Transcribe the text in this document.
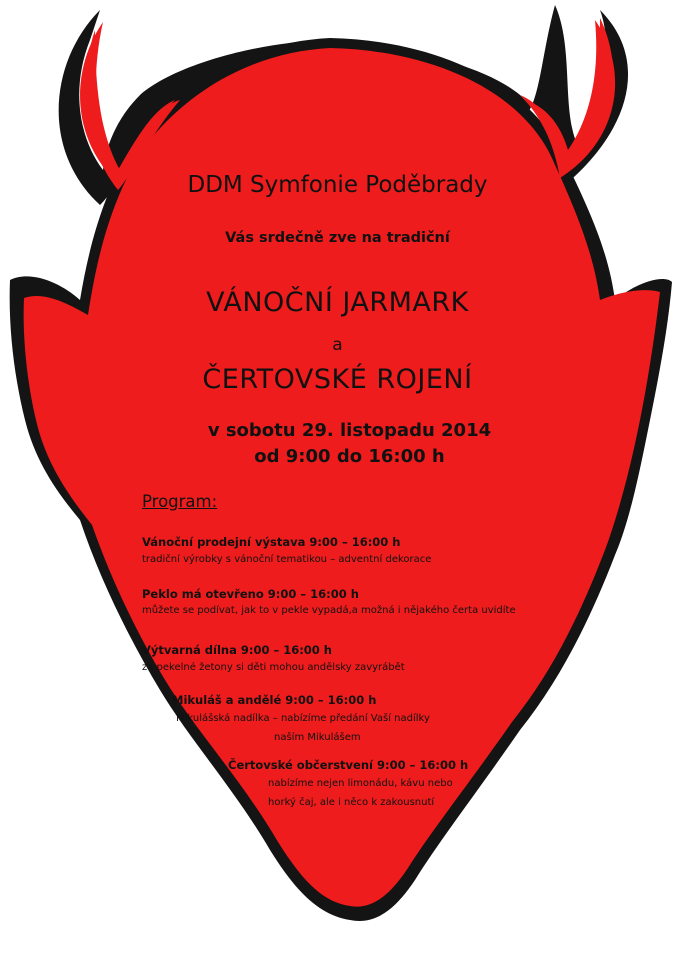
DDM Symfonie Poděbrady
Vás srdečně zve na tradiční
VÁNOČNÍ JARMARK
a
ČERTOVSKÉ ROJENÍ
v sobotu 29. listopadu 2014
od 9:00 do 16:00 h
Program:
Vánoční prodejní výstava 9:00 – 16:00 h
tradiční výrobky s vánoční tematikou – adventní dekorace
Peklo má otevřeno 9:00 – 16:00 h
můžete se podívat, jak to v pekle vypadá,a možná i nějakého čerta uvidíte
Výtvarná dílna 9:00 – 16:00 h
za pekelné žetony si děti mohou andělsky zavyrábět
Mikuláš a andělé 9:00 – 16:00 h
Mikulášská nadílka – nabízíme předání Vaší nadílky
naším Mikulášem
Čertovské občerstvení 9:00 – 16:00 h
nabízíme nejen limonádu, kávu nebo
horký čaj, ale i něco k zakousnutí
